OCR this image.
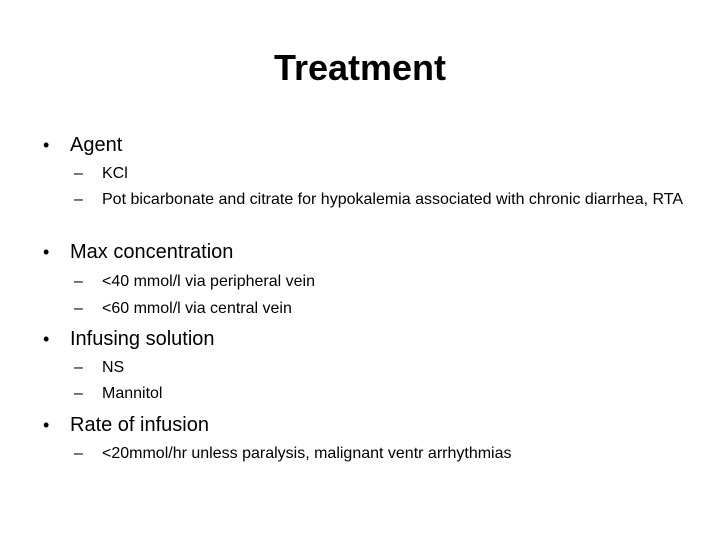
Treatment
• Agent
– KCl
– Pot bicarbonate and citrate for hypokalemia associated with chronic diarrhea, RTA
• Max concentration
– <40 mmol/l via peripheral vein
– <60 mmol/l via central vein
• Infusing solution
– NS
– Mannitol
• Rate of infusion
– <20mmol/hr unless paralysis, malignant ventr arrhythmias
